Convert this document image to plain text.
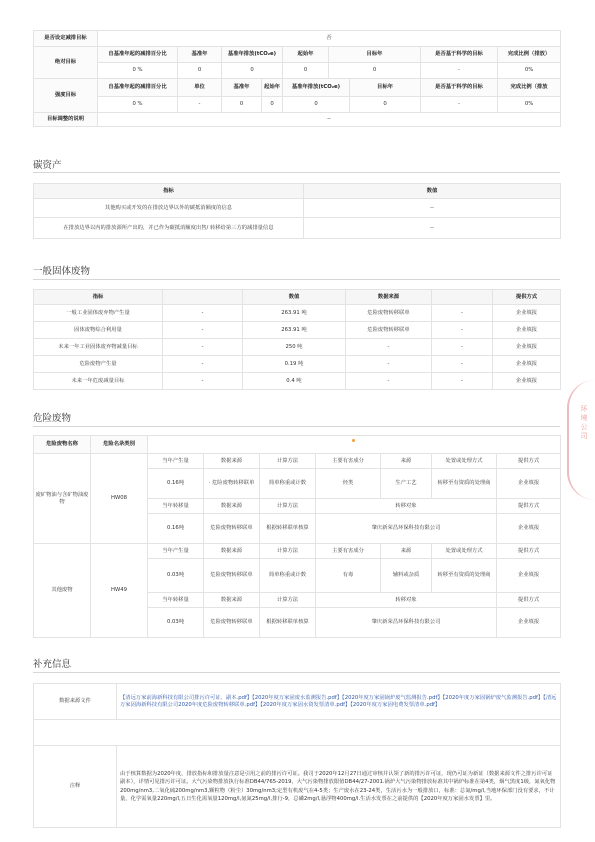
是否设定减排目标	否								
绝对目标	自基准年起的减排百分比	基准年	基准年排放(tCO₂e)		起始年	目标年		是否基于科学的目标	完成比例（排放）
	0 %	0	0		0	0		-	0%
强度目标	自基准年起的减排百分比	单位	基准年	起始年	基准年排放(tCO₂e)		目标年	是否基于科学的目标	完成比例（排放
	0 %	-	0	0	0		0	-	0%
目标调整的说明	--								
碳资产
指标	数值
其他购买或开发的在排放边界以外的碳抵消额度的信息	--
在排放边界以内的排放源所产出的，并已作为碳抵消额度出售/ 转移给第三方的减排量信息	--
一般固体废物
指标		数值	数据来源		提供方式
一般工业固体废弃物产生量	-	263.91 吨	危险废物转移联单	-	企业填报
固体废物综合利用量	-	263.91 吨	危险废物转移联单	-	企业填报
未来一年工业固体废弃物减量目标	-	250 吨	-	-	企业填报
危险废物产生量	-	0.19 吨	-	-	企业填报
未来一年危废减量目标	-	0.4 吨	-	-	企业填报
危险废物
危险废物名称	危险名录类别							
废矿物油与含矿物油废物	HW08	当年产生量	数据来源	计算方法	主要有害成分	来源	处置或处理方式	提供方式
		0.16吨	· 危险废物转移联单	简单称重或计数	烃类	生产工艺	转移至有资质的处理商	企业填报
		当年转移量	数据来源	计算方法	转移对象			提供方式
		0.16吨	危险废物转移联单	根据转移联单核算	肇庆新荣昌环保科技有限公司			企业填报
其他废物	HW49	当年产生量	数据来源	计算方法	主要有害成分	来源	处置或处理方式	提供方式
		0.03吨	危险废物转移联单	简单称重或计数	有毒	辅料或杂质	转移至有资质的处理商	企业填报
		当年转移量	数据来源	计算方法	转移对象			提供方式
		0.03吨	危险废物转移联单	根据转移联单核算	肇庆新荣昌环保科技有限公司			企业填报
补充信息
数据来源文件	【清远万家前海新科技有限公司排污许可证、副本.pdf】【2020年度万家固废水监测报告.pdf】【2020年度万家固锅炉废气监测报告.pdf】【2020年度万家固锅炉废气监测报告.pdf】【清远万家固海新科技有限公司2020年度危险废物转移联单.pdf】【2020年度万家固水资发票清单.pdf】【2020年度万家固电费发票清单.pdf】

注释	由于核算数据为2020年度，排放指标和排放量注意是引用之前的排污许可证。我司于2020年12月27日通过审核并认领了新的排污许可证，现仍可证为新证（数据来源文件之排污许可证副本），详情可见排污许可证。大气污染物排放执行标准DB44/765-2019，大气污染物排放限值DB44/27-2001.锅炉大气污染物排放标准其中锅炉标准在第4类，烟气黑度1级，氮氧化物200mg/nm3,二氧化硫200mg/nm3,颗粒物（粉尘）30mg/nm3;定型有机废气在4-5类；生产废水在23-24类，生活污水为一般排放口，标准：总氮/mg/l,当地环保部门没有要求，不计量，化学需氧量220mg/l,五日生化需氧量120mg/l,氨氮25mg/l,排行-9，总磷2mg/l,悬浮物400mg/l.生活水发票在之前提供的【2020年度万家固水发票】里。
环境公司
